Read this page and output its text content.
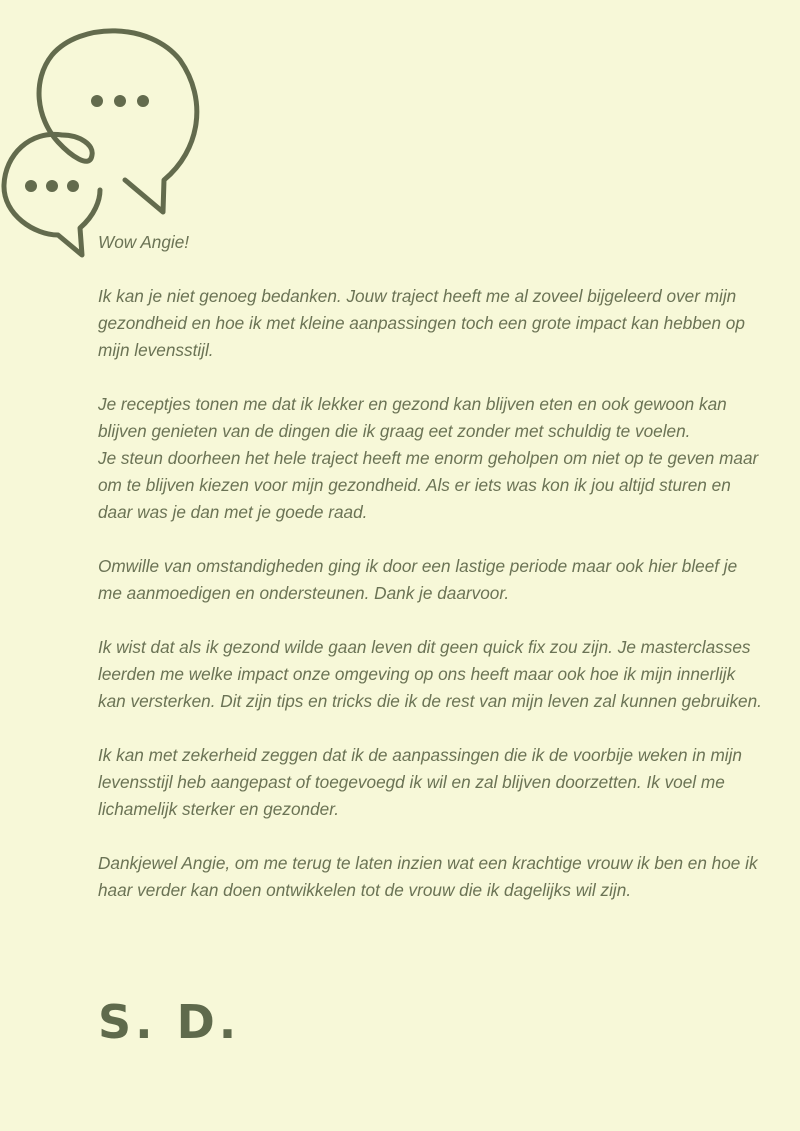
Wow Angie!

Ik kan je niet genoeg bedanken. Jouw traject heeft me al zoveel bijgeleerd over mijn gezondheid en hoe ik met kleine aanpassingen toch een grote impact kan hebben op mijn levensstijl.

Je receptjes tonen me dat ik lekker en gezond kan blijven eten en ook gewoon kan blijven genieten van de dingen die ik graag eet zonder met schuldig te voelen.
Je steun doorheen het hele traject heeft me enorm geholpen om niet op te geven maar om te blijven kiezen voor mijn gezondheid. Als er iets was kon ik jou altijd sturen en daar was je dan met je goede raad.

Omwille van omstandigheden ging ik door een lastige periode maar ook hier bleef je me aanmoedigen en ondersteunen. Dank je daarvoor.

Ik wist dat als ik gezond wilde gaan leven dit geen quick fix zou zijn. Je masterclasses leerden me welke impact onze omgeving op ons heeft maar ook hoe ik mijn innerlijk kan versterken. Dit zijn tips en tricks die ik de rest van mijn leven zal kunnen gebruiken.

Ik kan met zekerheid zeggen dat ik de aanpassingen die ik de voorbije weken in mijn levensstijl heb aangepast of toegevoegd ik wil en zal blijven doorzetten. Ik voel me lichamelijk sterker en gezonder.

Dankjewel Angie, om me terug te laten inzien wat een krachtige vrouw ik ben en hoe ik haar verder kan doen ontwikkelen tot de vrouw die ik dagelijks wil zijn.

S. D.
